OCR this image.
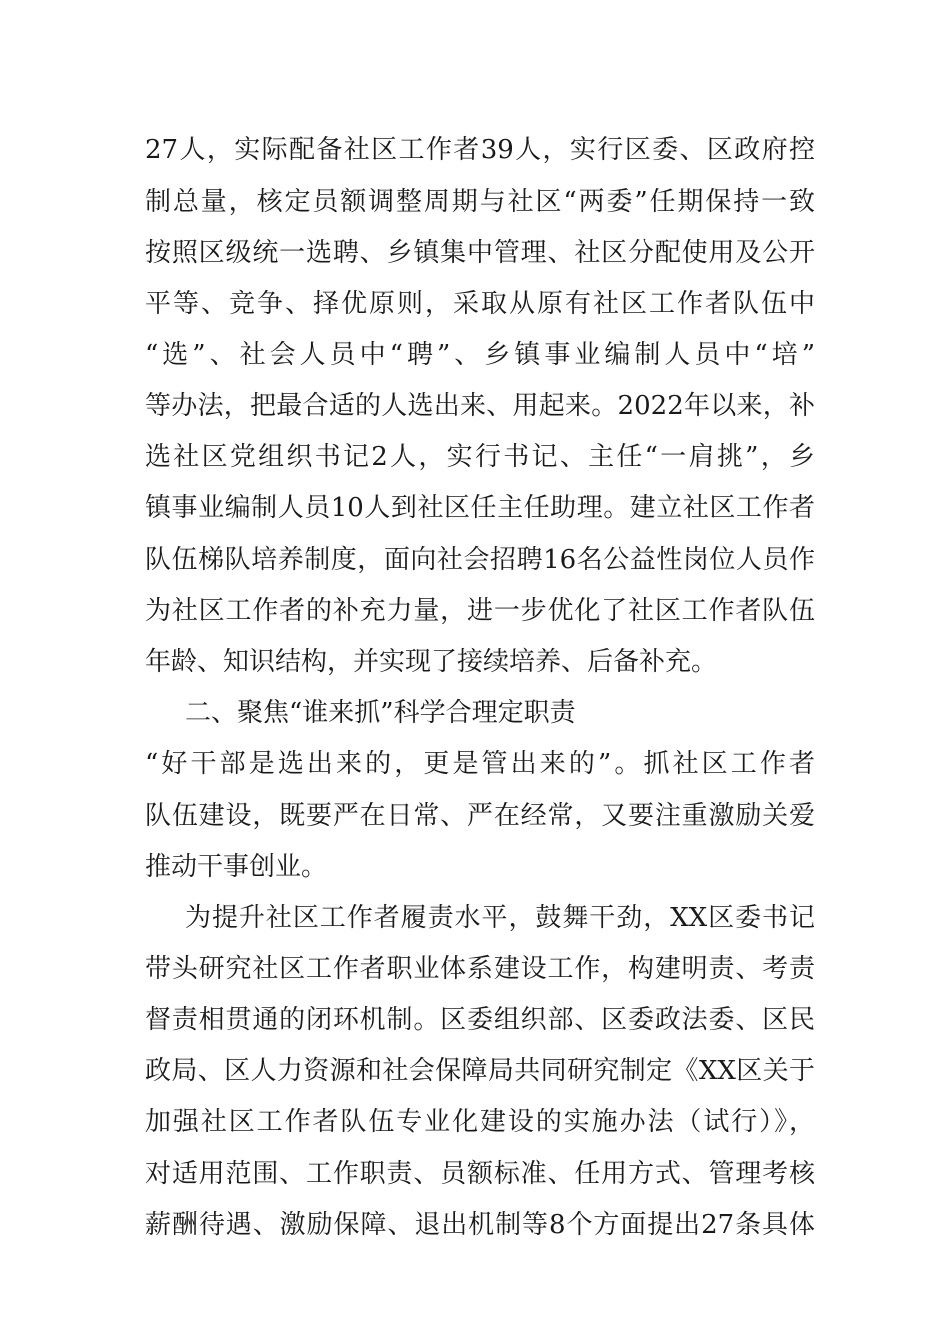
27人，实际配备社区工作者39人，实行区委、区政府控
制总量，核定员额调整周期与社区“两委”任期保持一致
按照区级统一选聘、乡镇集中管理、社区分配使用及公开
平等、竞争、择优原则，采取从原有社区工作者队伍中
“选”、社会人员中“聘”、乡镇事业编制人员中“培”
等办法，把最合适的人选出来、用起来。2022年以来，补
选社区党组织书记2人，实行书记、主任“一肩挑”，乡
镇事业编制人员10人到社区任主任助理。建立社区工作者
队伍梯队培养制度，面向社会招聘16名公益性岗位人员作
为社区工作者的补充力量，进一步优化了社区工作者队伍
年龄、知识结构，并实现了接续培养、后备补充。
二、聚焦“谁来抓”科学合理定职责
“好干部是选出来的，更是管出来的”。抓社区工作者
队伍建设，既要严在日常、严在经常，又要注重激励关爱
推动干事创业。
为提升社区工作者履责水平，鼓舞干劲，XX区委书记
带头研究社区工作者职业体系建设工作，构建明责、考责
督责相贯通的闭环机制。区委组织部、区委政法委、区民
政局、区人力资源和社会保障局共同研究制定《XX区关于
加强社区工作者队伍专业化建设的实施办法（试行）》，
对适用范围、工作职责、员额标准、任用方式、管理考核
薪酬待遇、激励保障、退出机制等8个方面提出27条具体
